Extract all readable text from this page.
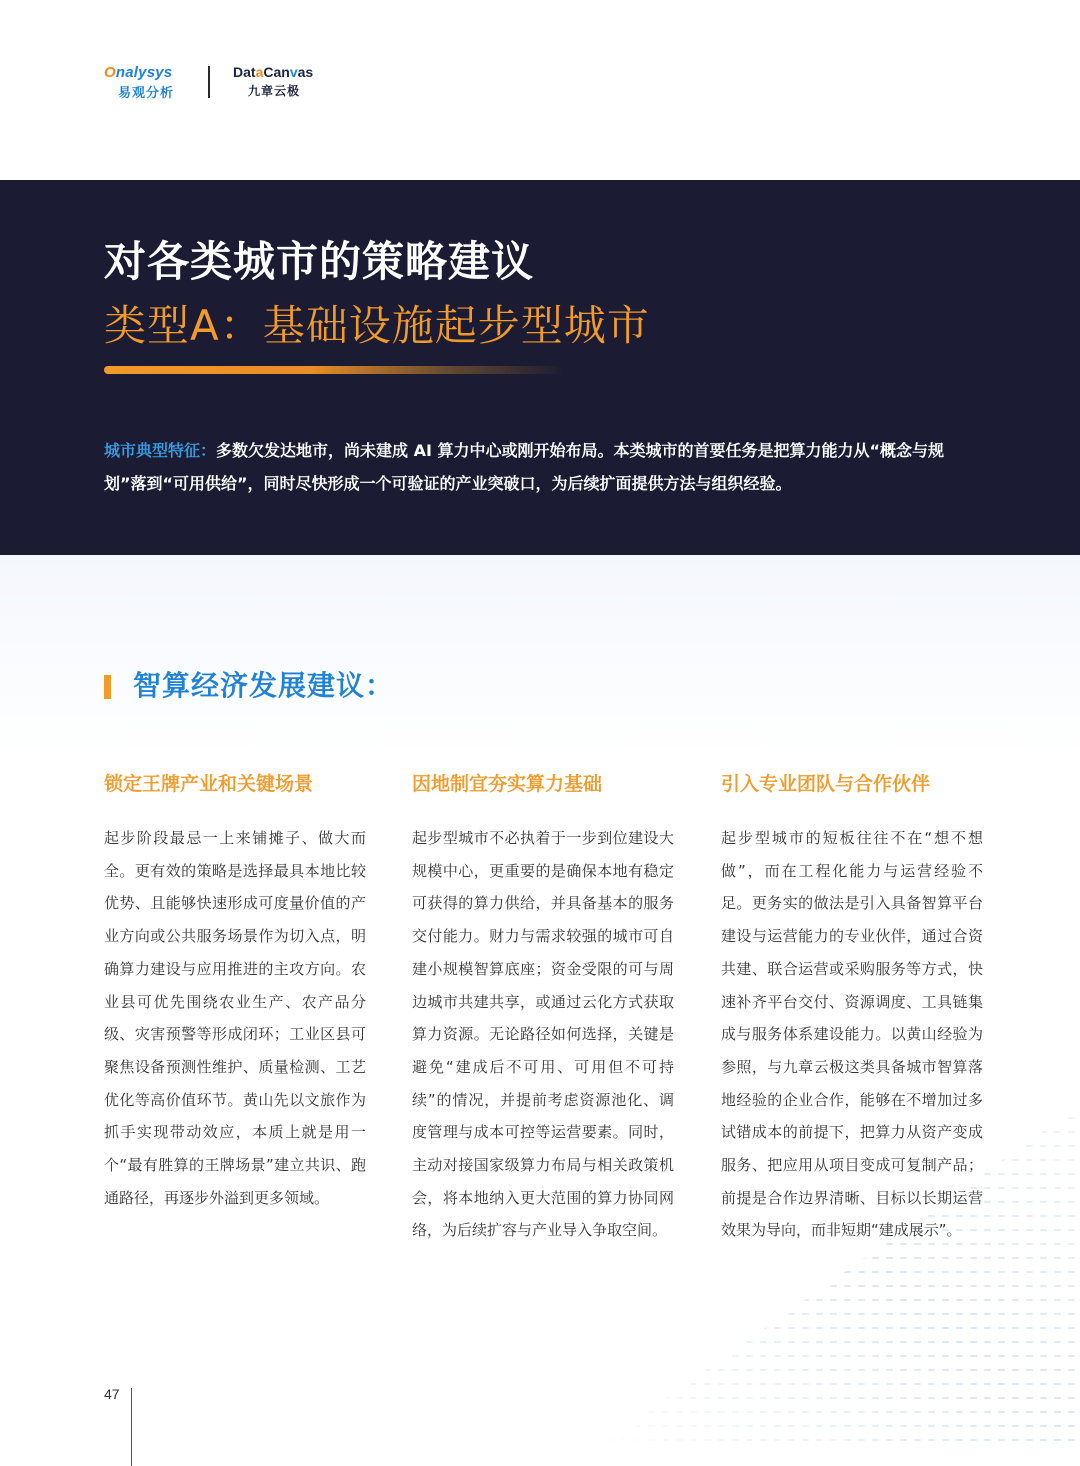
Onalysys
易观分析
DataCanvas
九章云极
对各类城市的策略建议
类型A：基础设施起步型城市
城市典型特征：多数欠发达地市，尚未建成 AI 算力中心或刚开始布局。本类城市的首要任务是把算力能力从“概念与规划”落到“可用供给”，同时尽快形成一个可验证的产业突破口，为后续扩面提供方法与组织经验。
智算经济发展建议：
锁定王牌产业和关键场景

起步阶段最忌一上来铺摊子、做大而全。更有效的策略是选择最具本地比较优势、且能够快速形成可度量价值的产业方向或公共服务场景作为切入点，明确算力建设与应用推进的主攻方向。农业县可优先围绕农业生产、农产品分级、灾害预警等形成闭环；工业区县可聚焦设备预测性维护、质量检测、工艺优化等高价值环节。黄山先以文旅作为抓手实现带动效应，本质上就是用一个“最有胜算的王牌场景”建立共识、跑通路径，再逐步外溢到更多领域。

因地制宜夯实算力基础

起步型城市不必执着于一步到位建设大规模中心，更重要的是确保本地有稳定可获得的算力供给，并具备基本的服务交付能力。财力与需求较强的城市可自建小规模智算底座；资金受限的可与周边城市共建共享，或通过云化方式获取算力资源。无论路径如何选择，关键是避免“建成后不可用、可用但不可持续”的情况，并提前考虑资源池化、调度管理与成本可控等运营要素。同时，主动对接国家级算力布局与相关政策机会，将本地纳入更大范围的算力协同网络，为后续扩容与产业导入争取空间。

引入专业团队与合作伙伴

起步型城市的短板往往不在“想不想做”，而在工程化能力与运营经验不足。更务实的做法是引入具备智算平台建设与运营能力的专业伙伴，通过合资共建、联合运营或采购服务等方式，快速补齐平台交付、资源调度、工具链集成与服务体系建设能力。以黄山经验为参照，与九章云极这类具备城市智算落地经验的企业合作，能够在不增加过多试错成本的前提下，把算力从资产变成服务、把应用从项目变成可复制产品；前提是合作边界清晰、目标以长期运营效果为导向，而非短期“建成展示”。

47
